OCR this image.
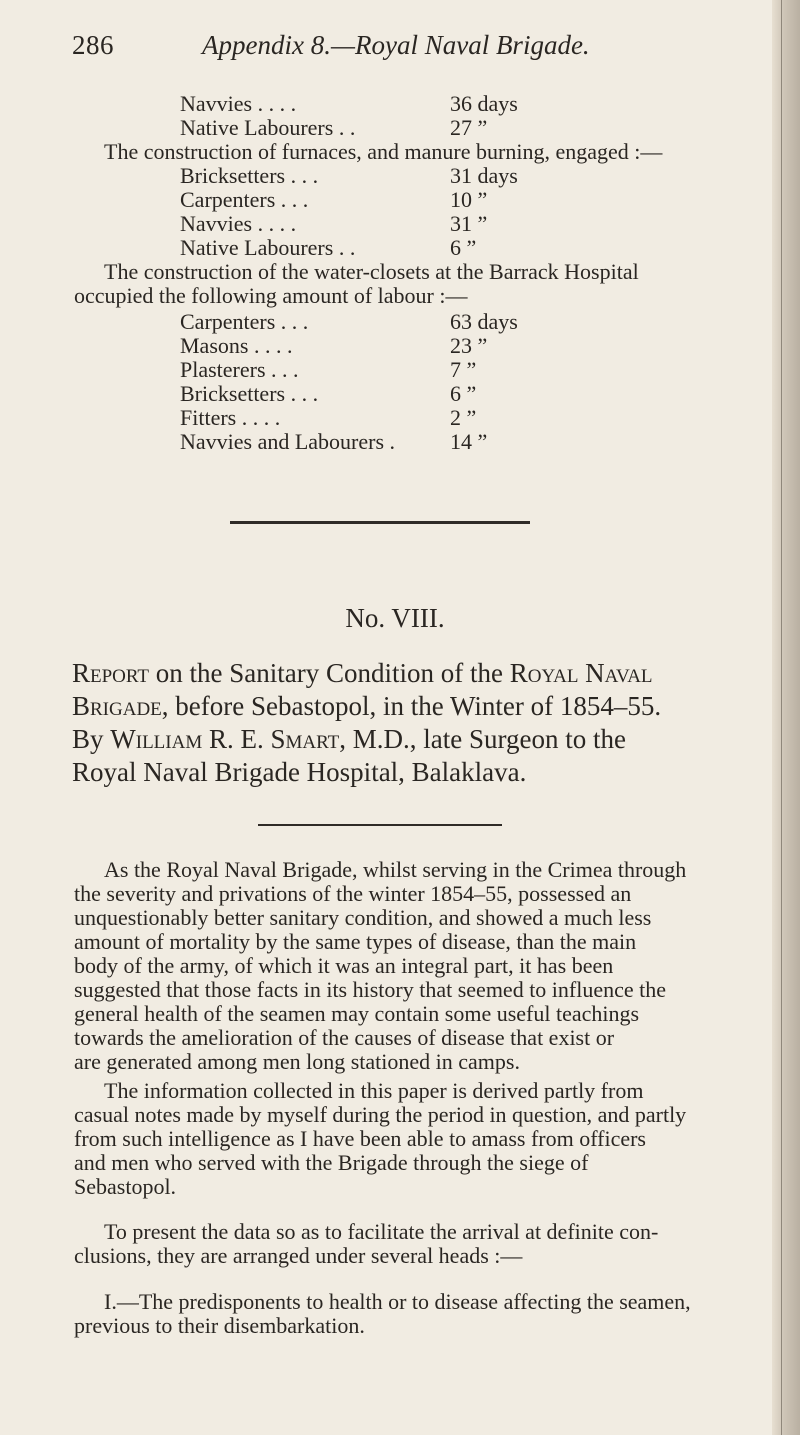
286	Appendix 8.—Royal Naval Brigade.
Navvies . . . .	36 days
Native Labourers . .	27 ”
The construction of furnaces, and manure burning, engaged :—
Bricksetters . . .	31 days
Carpenters . . .	10 ”
Navvies . . . .	31 ”
Native Labourers . .	6 ”
The construction of the water-closets at the Barrack Hospital
occupied the following amount of labour :—
Carpenters . . .	63 days
Masons . . . .	23 ”
Plasterers . . .	7 ”
Bricksetters . . .	6 ”
Fitters . . . .	2 ”
Navvies and Labourers . 14 ”
No. VIII.
Report on the Sanitary Condition of the Royal Naval
Brigade, before Sebastopol, in the Winter of 1854–55.
By William R. E. Smart, M.D., late Surgeon to the
Royal Naval Brigade Hospital, Balaklava.
As the Royal Naval Brigade, whilst serving in the Crimea through
the severity and privations of the winter 1854–55, possessed an
unquestionably better sanitary condition, and showed a much less
amount of mortality by the same types of disease, than the main
body of the army, of which it was an integral part, it has been
suggested that those facts in its history that seemed to influence the
general health of the seamen may contain some useful teachings
towards the amelioration of the causes of disease that exist or
are generated among men long stationed in camps.
The information collected in this paper is derived partly from
casual notes made by myself during the period in question, and partly
from such intelligence as I have been able to amass from officers
and men who served with the Brigade through the siege of
Sebastopol.
To present the data so as to facilitate the arrival at definite con-
clusions, they are arranged under several heads :—
I.—The predisponents to health or to disease affecting the seamen,
previous to their disembarkation.
